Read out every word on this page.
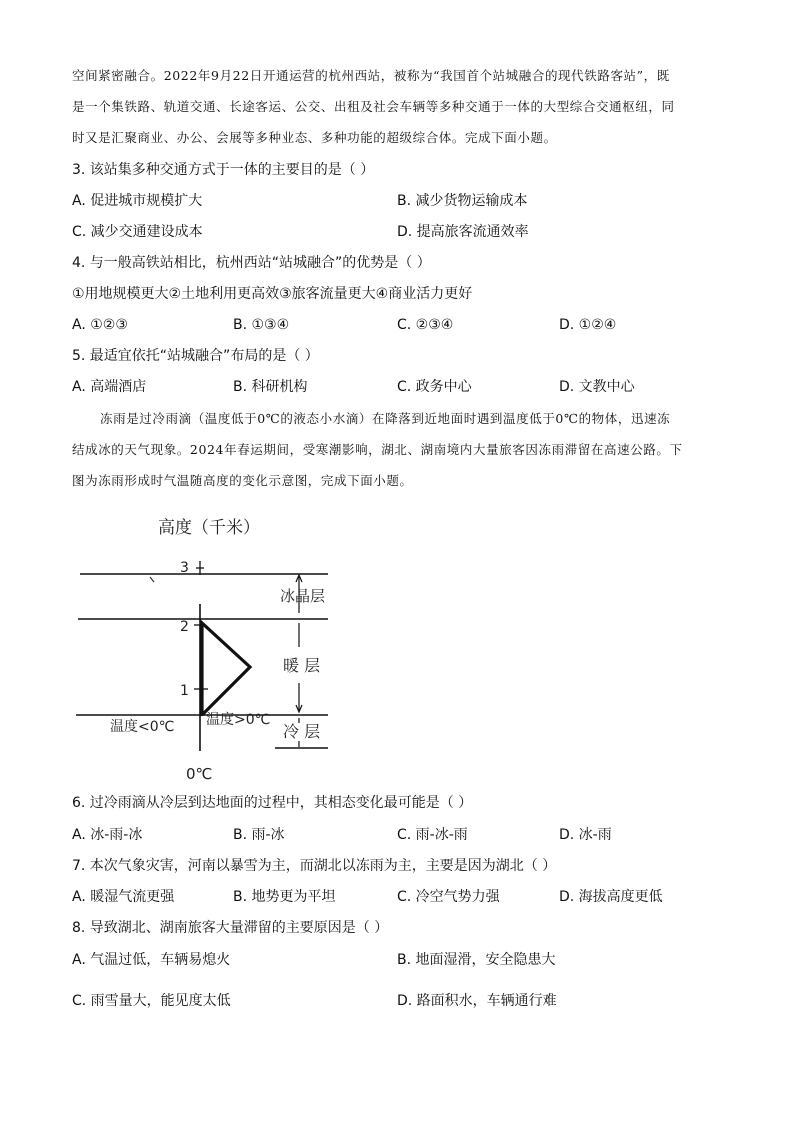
空间紧密融合。2022年9月22日开通运营的杭州西站，被称为“我国首个站城融合的现代铁路客站”，既
是一个集铁路、轨道交通、长途客运、公交、出租及社会车辆等多种交通于一体的大型综合交通枢纽，同
时又是汇聚商业、办公、会展等多种业态、多种功能的超级综合体。完成下面小题。
3. 该站集多种交通方式于一体的主要目的是（ ）
A. 促进城市规模扩大	B. 减少货物运输成本
C. 减少交通建设成本	D. 提高旅客流通效率
4. 与一般高铁站相比，杭州西站“站城融合”的优势是（ ）
①用地规模更大②土地利用更高效③旅客流量更大④商业活力更好
A. ①②③	B. ①③④	C. ②③④	D. ①②④
5. 最适宜依托“站城融合”布局的是（ ）
A. 高端酒店	B. 科研机构	C. 政务中心	D. 文教中心
冻雨是过冷雨滴（温度低于0℃的液态小水滴）在降落到近地面时遇到温度低于0℃的物体，迅速冻
结成冰的天气现象。2024年春运期间，受寒潮影响，湖北、湖南境内大量旅客因冻雨滞留在高速公路。下
图为冻雨形成时气温随高度的变化示意图，完成下面小题。
高度（千米）
3
2
1
冰晶层
暖 层
冷 层
温度<0℃ 温度>0℃
0℃
6. 过冷雨滴从冷层到达地面的过程中，其相态变化最可能是（ ）
A. 冰-雨-冰	B. 雨-冰	C. 雨-冰-雨	D. 冰-雨
7. 本次气象灾害，河南以暴雪为主，而湖北以冻雨为主，主要是因为湖北（ ）
A. 暖湿气流更强	B. 地势更为平坦	C. 冷空气势力强	D. 海拔高度更低
8. 导致湖北、湖南旅客大量滞留的主要原因是（ ）
A. 气温过低，车辆易熄火	B. 地面湿滑，安全隐患大
C. 雨雪量大，能见度太低	D. 路面积水，车辆通行难
